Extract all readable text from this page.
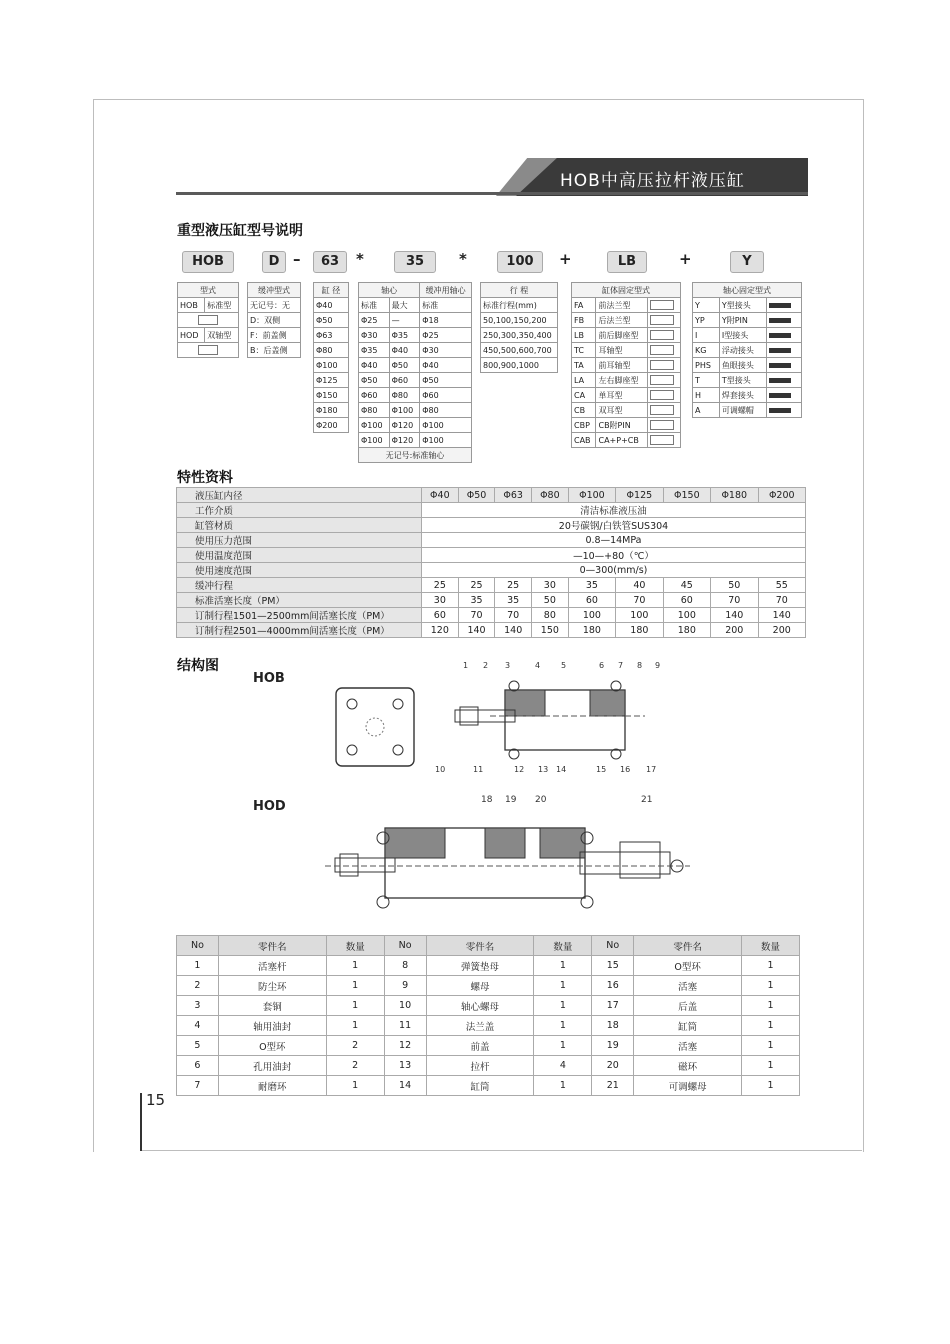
15
HOB中高压拉杆液压缸
重型液压缸型号说明
HOB	D –	63	*	35	*	100	+	LB	+	Y
型式	
HOB	标准型

HOD	双轴型

缓冲型式
无记号：无
D：双侧
F：前盖侧
B：后盖侧
缸 径
Φ40
Φ50
Φ63
Φ80
Φ100
Φ125
Φ150
Φ180
Φ200
轴心		缓冲用轴心
标准	最大	标准
Φ25	—	Φ18
Φ30	Φ35	Φ25
Φ35	Φ40	Φ30
Φ40	Φ50	Φ40
Φ50	Φ60	Φ50
Φ60	Φ80	Φ60
Φ80	Φ100	Φ80
Φ100	Φ120	Φ100
Φ100	Φ120	Φ100
无记号:标准轴心		
行 程
标准行程(mm)
50,100,150,200
250,300,350,400
450,500,600,700
800,900,1000
缸体固定型式		
FA	前法兰型	
FB	后法兰型	
LB	前后脚座型	
TC	耳轴型	
TA	前耳轴型	
LA	左右脚座型	
CA	单耳型	
CB	双耳型	
CBP	CB附PIN	
CAB	CA+P+CB	
轴心固定型式		
Y	Y型接头	
YP	Y附PIN	
I	I型接头	
KG	浮动接头	
PHS	鱼眼接头	
T	T型接头	
H	焊套接头	
A	可调螺帽	
特性资料
液压缸内径	Φ40	Φ50	Φ63	Φ80	Φ100	Φ125	Φ150	Φ180	Φ200
工作介质	清洁标准液压油								
缸管材质	20号碳钢/白铁管SUS304								
使用压力范围	0.8—14MPa								
使用温度范围	—10—+80（℃）								
使用速度范围	0—300(mm/s)								
缓冲行程	25	25	25	30	35	40	45	50	55
标准活塞长度（PM）	30	35	35	50	60	70	60	70	70
订制行程1501—2500mm间活塞长度（PM）	60	70	70	80	100	100	100	140	140
订制行程2501—4000mm间活塞长度（PM）	120	140	140	150	180	180	180	200	200
结构图
HOB
HOD
1 2 3	4	5	6 7 8 9
10	11	12 13 14	15 16 17
18 19 20	21
No	零件名	数量	No	零件名	数量	No	零件名	数量
1	活塞杆	1	8	弹簧垫母	1	15	O型环	1
2	防尘环	1	9	螺母	1	16	活塞	1
3	套铜	1	10	轴心螺母	1	17	后盖	1
4	轴用油封	1	11	法兰盖	1	18	缸筒	1
5	O型环	2	12	前盖	1	19	活塞	1
6	孔用油封	2	13	拉杆	4	20	磁环	1
7	耐磨环	1	14	缸筒	1	21	可调螺母	1
